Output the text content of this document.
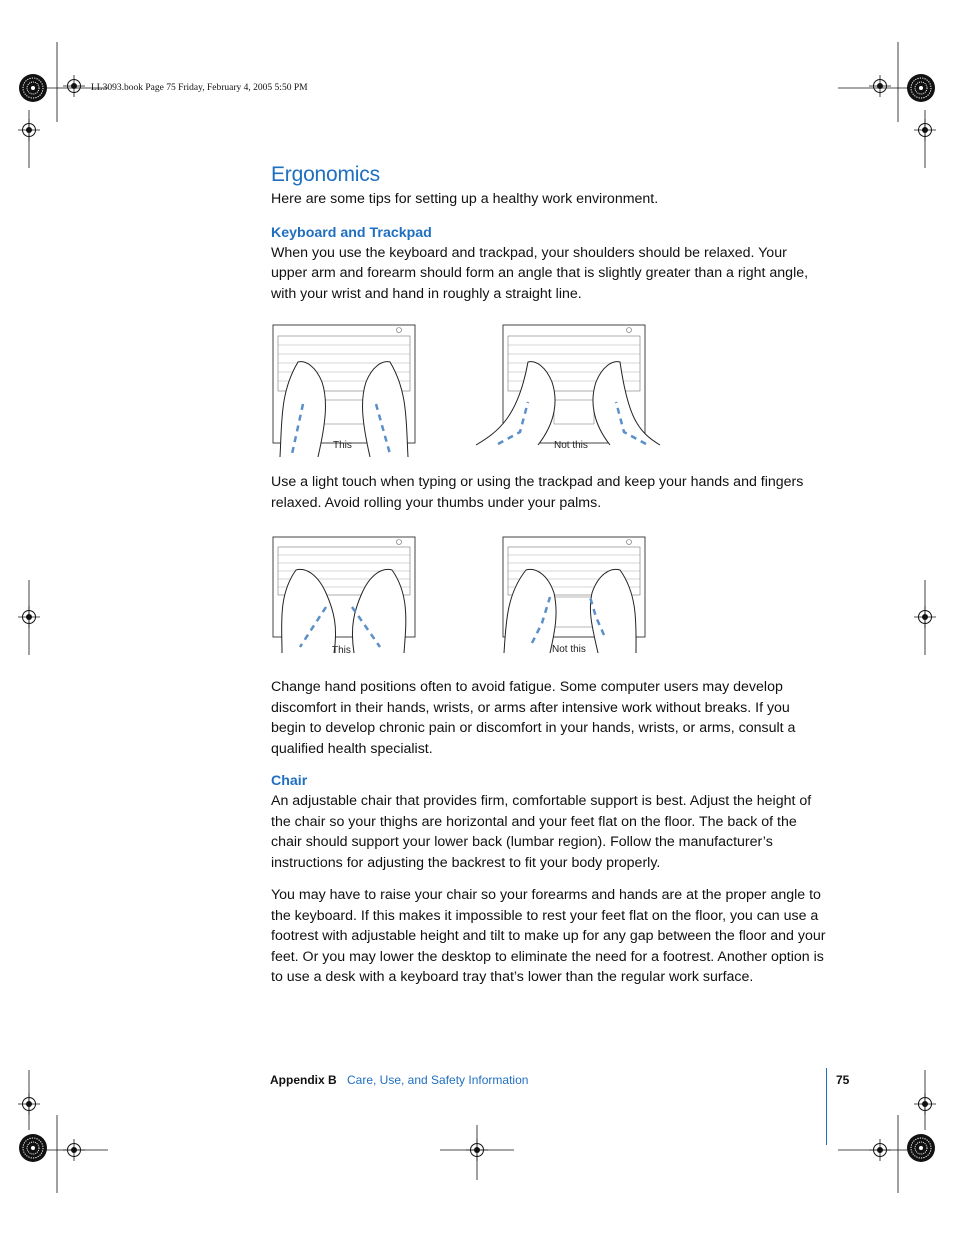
LL3093.book Page 75 Friday, February 4, 2005 5:50 PM
Ergonomics

Here are some tips for setting up a healthy work environment.

Keyboard and Trackpad

When you use the keyboard and trackpad, your shoulders should be relaxed. Your upper arm and forearm should form an angle that is slightly greater than a right angle, with your wrist and hand in roughly a straight line.

This	Not this

Use a light touch when typing or using the trackpad and keep your hands and fingers relaxed. Avoid rolling your thumbs under your palms.

This	Not this

Change hand positions often to avoid fatigue. Some computer users may develop discomfort in their hands, wrists, or arms after intensive work without breaks. If you begin to develop chronic pain or discomfort in your hands, wrists, or arms, consult a qualified health specialist.

Chair

An adjustable chair that provides firm, comfortable support is best. Adjust the height of the chair so your thighs are horizontal and your feet flat on the floor. The back of the chair should support your lower back (lumbar region). Follow the manufacturer’s instructions for adjusting the backrest to fit your body properly.

You may have to raise your chair so your forearms and hands are at the proper angle to the keyboard. If this makes it impossible to rest your feet flat on the floor, you can use a footrest with adjustable height and tilt to make up for any gap between the floor and your feet. Or you may lower the desktop to eliminate the need for a footrest. Another option is to use a desk with a keyboard tray that’s lower than the regular work surface.

Appendix B Care, Use, and Safety Information	75
